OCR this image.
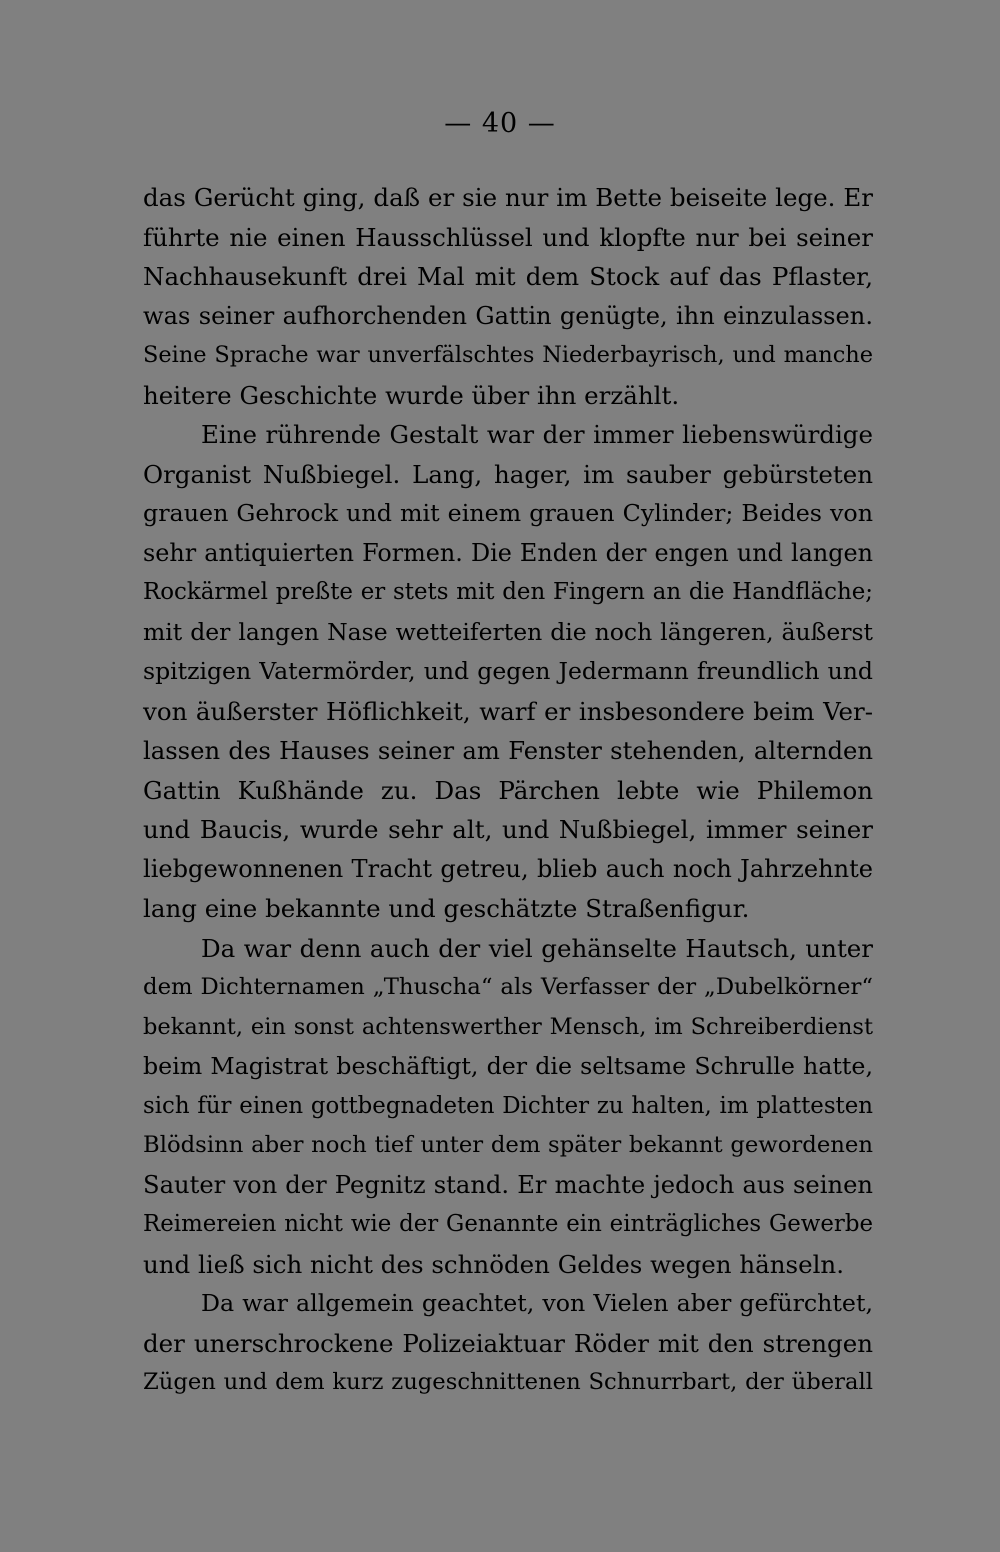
— 40 —
das Gerücht ging, daß er sie nur im Bette beiseite lege. Er
führte nie einen Hausschlüssel und klopfte nur bei seiner
Nachhausekunft drei Mal mit dem Stock auf das Pflaster,
was seiner aufhorchenden Gattin genügte, ihn einzulassen.
Seine Sprache war unverfälschtes Niederbayrisch, und manche
heitere Geschichte wurde über ihn erzählt.
Eine rührende Gestalt war der immer liebenswürdige
Organist Nußbiegel. Lang, hager, im sauber gebürsteten
grauen Gehrock und mit einem grauen Cylinder; Beides von
sehr antiquierten Formen. Die Enden der engen und langen
Rockärmel preßte er stets mit den Fingern an die Handfläche;
mit der langen Nase wetteiferten die noch längeren, äußerst
spitzigen Vatermörder, und gegen Jedermann freundlich und
von äußerster Höflichkeit, warf er insbesondere beim Ver-
lassen des Hauses seiner am Fenster stehenden, alternden
Gattin Kußhände zu. Das Pärchen lebte wie Philemon
und Baucis, wurde sehr alt, und Nußbiegel, immer seiner
liebgewonnenen Tracht getreu, blieb auch noch Jahrzehnte
lang eine bekannte und geschätzte Straßenfigur.
Da war denn auch der viel gehänselte Hautsch, unter
dem Dichternamen „Thuscha“ als Verfasser der „Dubelkörner“
bekannt, ein sonst achtenswerther Mensch, im Schreiberdienst
beim Magistrat beschäftigt, der die seltsame Schrulle hatte,
sich für einen gottbegnadeten Dichter zu halten, im plattesten
Blödsinn aber noch tief unter dem später bekannt gewordenen
Sauter von der Pegnitz stand. Er machte jedoch aus seinen
Reimereien nicht wie der Genannte ein einträgliches Gewerbe
und ließ sich nicht des schnöden Geldes wegen hänseln.
Da war allgemein geachtet, von Vielen aber gefürchtet,
der unerschrockene Polizeiaktuar Röder mit den strengen
Zügen und dem kurz zugeschnittenen Schnurrbart, der überall
